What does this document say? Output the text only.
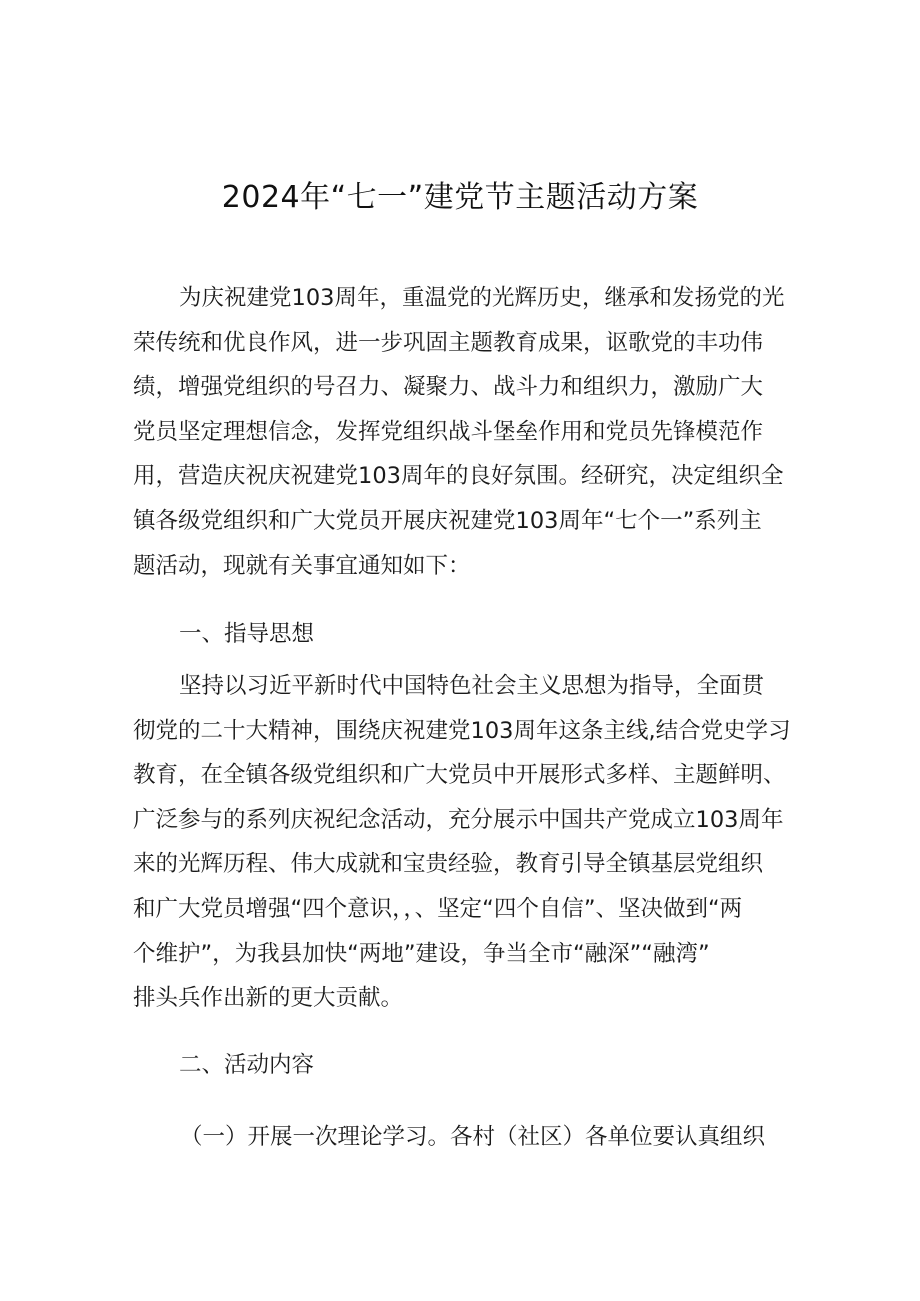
2024年“七一”建党节主题活动方案
为庆祝建党103周年，重温党的光辉历史，继承和发扬党的光
荣传统和优良作风，进一步巩固主题教育成果，讴歌党的丰功伟
绩，增强党组织的号召力、凝聚力、战斗力和组织力，激励广大
党员坚定理想信念，发挥党组织战斗堡垒作用和党员先锋模范作
用，营造庆祝庆祝建党103周年的良好氛围。经研究，决定组织全
镇各级党组织和广大党员开展庆祝建党103周年“七个一”系列主
题活动，现就有关事宜通知如下：
一、指导思想
坚持以习近平新时代中国特色社会主义思想为指导，全面贯
彻党的二十大精神，围绕庆祝建党103周年这条主线,结合党史学习
教育，在全镇各级党组织和广大党员中开展形式多样、主题鲜明、
广泛参与的系列庆祝纪念活动，充分展示中国共产党成立103周年
来的光辉历程、伟大成就和宝贵经验，教育引导全镇基层党组织
和广大党员增强“四个意识，，、坚定“四个自信”、坚决做到“两
个维护”，为我县加快“两地”建设，争当全市“融深”“融湾”
排头兵作出新的更大贡献。
二、活动内容
（一）开展一次理论学习。各村（社区）各单位要认真组织
